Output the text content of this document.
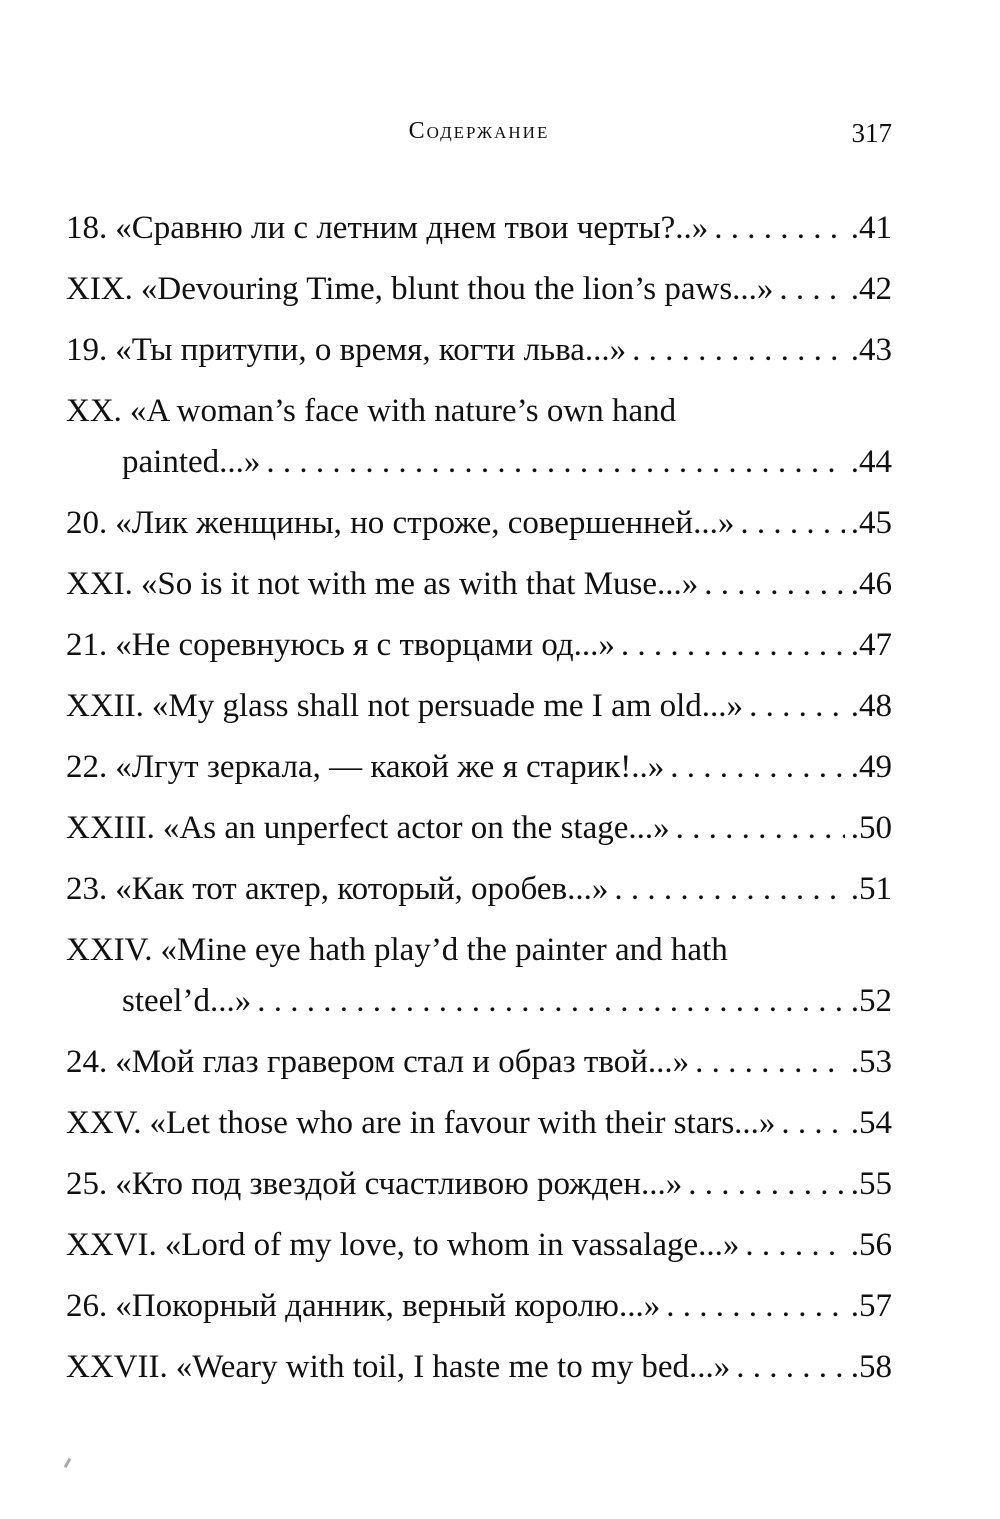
Содержание	317
18. «Сравню ли с летним днем твои черты?..» . . .	.41
XIX. «Devouring Time, blunt thou the lion’s paws...» . . . .42
19. «Ты притупи, о время, когти льва...» . . .	.43
XX. «A woman’s face with nature’s own hand
painted...» . . .	.44
20. «Лик женщины, но строже, совершенней...» . . .	.45
XXI. «So is it not with me as with that Muse...» . . .	.46
21. «Не соревнуюсь я с творцами од...» . . .	.47
XXII. «My glass shall not persuade me I am old...» . . .	.48
22. «Лгут зеркала, — какой же я старик!..» . . .	.49
XXIII. «As an unperfect actor on the stage...» . . .	.50
23. «Как тот актер, который, оробев...» . . .	.51
XXIV. «Mine eye hath play’d the painter and hath
steel’d...» . . .	.52
24. «Мой глаз гравером стал и образ твой...» . . .	.53
XXV. «Let those who are in favour with their stars...» . . . .54
25. «Кто под звездой счастливою рожден...» . . .	.55
XXVI. «Lord of my love, to whom in vassalage...» . . .	.56
26. «Покорный данник, верный королю...» . . .	.57
XXVII. «Weary with toil, I haste me to my bed...» . . .	.58
